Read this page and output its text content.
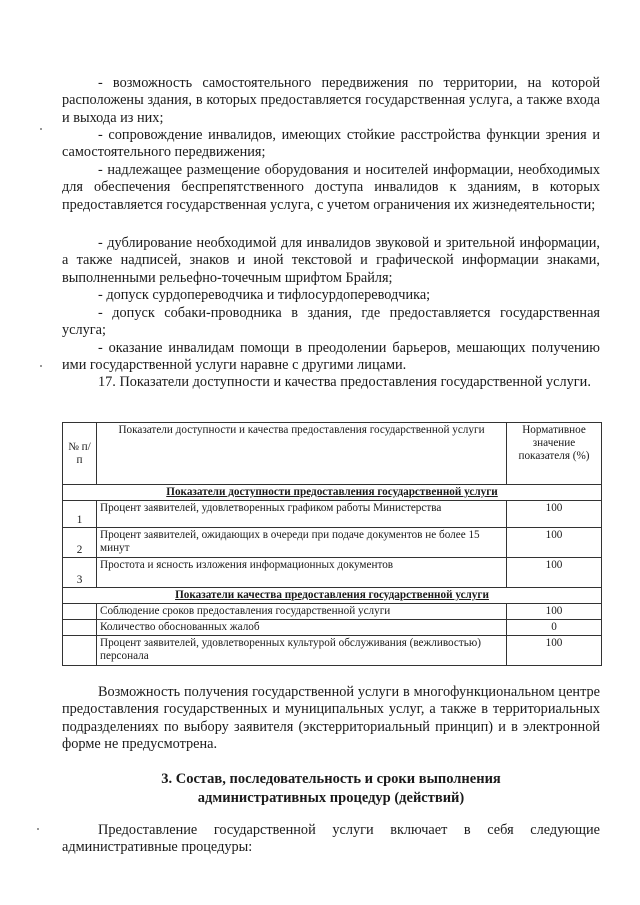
- возможность самостоятельного передвижения по территории, на которой расположены здания, в которых предоставляется государственная услуга, а также входа и выхода из них;

- сопровождение инвалидов, имеющих стойкие расстройства функции зрения и самостоятельного передвижения;

- надлежащее размещение оборудования и носителей информации, необходимых для обеспечения беспрепятственного доступа инвалидов к зданиям, в которых предоставляется государственная услуга, с учетом ограничения их жизнедеятельности;

- дублирование необходимой для инвалидов звуковой и зрительной информации, а также надписей, знаков и иной текстовой и графической информации знаками, выполненными рельефно-точечным шрифтом Брайля;

- допуск сурдопереводчика и тифлосурдопереводчика;

- допуск собаки-проводника в здания, где предоставляется государственная услуга;

- оказание инвалидам помощи в преодолении барьеров, мешающих получению ими государственной услуги наравне с другими лицами.

17. Показатели доступности и качества предоставления государственной услуги.

№ п/п	Показатели доступности и качества предоставления государственной услуги	Нормативное значение показателя (%)
Показатели доступности предоставления государственной услуги		
1	Процент заявителей, удовлетворенных графиком работы Министерства	100
2	Процент заявителей, ожидающих в очереди при подаче документов не более 15 минут	100
3	Простота и ясность изложения информационных документов	100
Показатели качества предоставления государственной услуги		
	Соблюдение сроков предоставления государственной услуги	100
	Количество обоснованных жалоб	0
	Процент заявителей, удовлетворенных культурой обслуживания (вежливостью) персонала	100

Возможность получения государственной услуги в многофункциональном центре предоставления государственных и муниципальных услуг, а также в территориальных подразделениях по выбору заявителя (экстерриториальный принцип) и в электронной форме не предусмотрена.

3. Состав, последовательность и сроки выполнения
административных процедур (действий)

Предоставление государственной услуги включает в себя следующие административные процедуры:
